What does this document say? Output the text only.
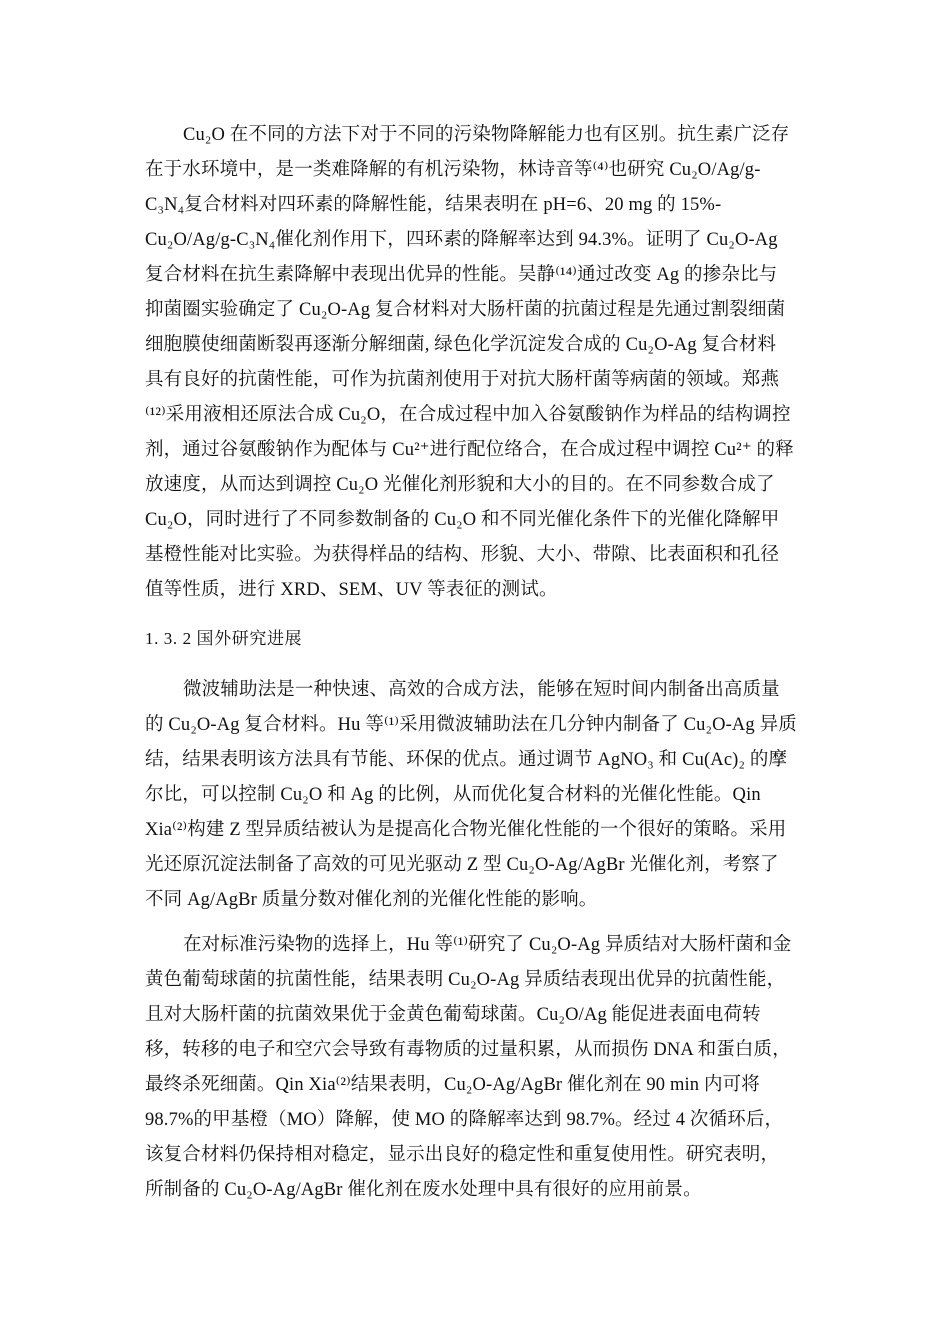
Cu₂O 在不同的方法下对于不同的污染物降解能力也有区别。抗生素广泛存
在于水环境中，是一类难降解的有机污染物，林诗音等⁽⁴⁾也研究 Cu₂O/Ag/g-
C₃N₄复合材料对四环素的降解性能，结果表明在 pH=6、20 mg 的 15%-
Cu₂O/Ag/g-C₃N₄催化剂作用下，四环素的降解率达到 94.3%。证明了 Cu₂O-Ag
复合材料在抗生素降解中表现出优异的性能。吴静⁽¹⁴⁾通过改变 Ag 的掺杂比与
抑菌圈实验确定了 Cu₂O-Ag 复合材料对大肠杆菌的抗菌过程是先通过割裂细菌
细胞膜使细菌断裂再逐渐分解细菌, 绿色化学沉淀发合成的 Cu₂O-Ag 复合材料
具有良好的抗菌性能，可作为抗菌剂使用于对抗大肠杆菌等病菌的领域。郑燕
⁽¹²⁾采用液相还原法合成 Cu₂O，在合成过程中加入谷氨酸钠作为样品的结构调控
剂，通过谷氨酸钠作为配体与 Cu²⁺进行配位络合，在合成过程中调控 Cu²⁺ 的释
放速度，从而达到调控 Cu₂O 光催化剂形貌和大小的目的。在不同参数合成了
Cu₂O，同时进行了不同参数制备的 Cu₂O 和不同光催化条件下的光催化降解甲
基橙性能对比实验。为获得样品的结构、形貌、大小、带隙、比表面积和孔径
值等性质，进行 XRD、SEM、UV 等表征的测试。
1. 3. 2 国外研究进展
微波辅助法是一种快速、高效的合成方法，能够在短时间内制备出高质量
的 Cu₂O-Ag 复合材料。Hu 等⁽¹⁾采用微波辅助法在几分钟内制备了 Cu₂O-Ag 异质
结，结果表明该方法具有节能、环保的优点。通过调节 AgNO₃ 和 Cu(Ac)₂ 的摩
尔比，可以控制 Cu₂O 和 Ag 的比例，从而优化复合材料的光催化性能。Qin
Xia⁽²⁾构建 Z 型异质结被认为是提高化合物光催化性能的一个很好的策略。采用
光还原沉淀法制备了高效的可见光驱动 Z 型 Cu₂O-Ag/AgBr 光催化剂，考察了
不同 Ag/AgBr 质量分数对催化剂的光催化性能的影响。
在对标准污染物的选择上，Hu 等⁽¹⁾研究了 Cu₂O-Ag 异质结对大肠杆菌和金
黄色葡萄球菌的抗菌性能，结果表明 Cu₂O-Ag 异质结表现出优异的抗菌性能，
且对大肠杆菌的抗菌效果优于金黄色葡萄球菌。Cu₂O/Ag 能促进表面电荷转
移，转移的电子和空穴会导致有毒物质的过量积累，从而损伤 DNA 和蛋白质，
最终杀死细菌。Qin Xia⁽²⁾结果表明，Cu₂O-Ag/AgBr 催化剂在 90 min 内可将
98.7%的甲基橙（MO）降解，使 MO 的降解率达到 98.7%。经过 4 次循环后，
该复合材料仍保持相对稳定，显示出良好的稳定性和重复使用性。研究表明，
所制备的 Cu₂O-Ag/AgBr 催化剂在废水处理中具有很好的应用前景。
